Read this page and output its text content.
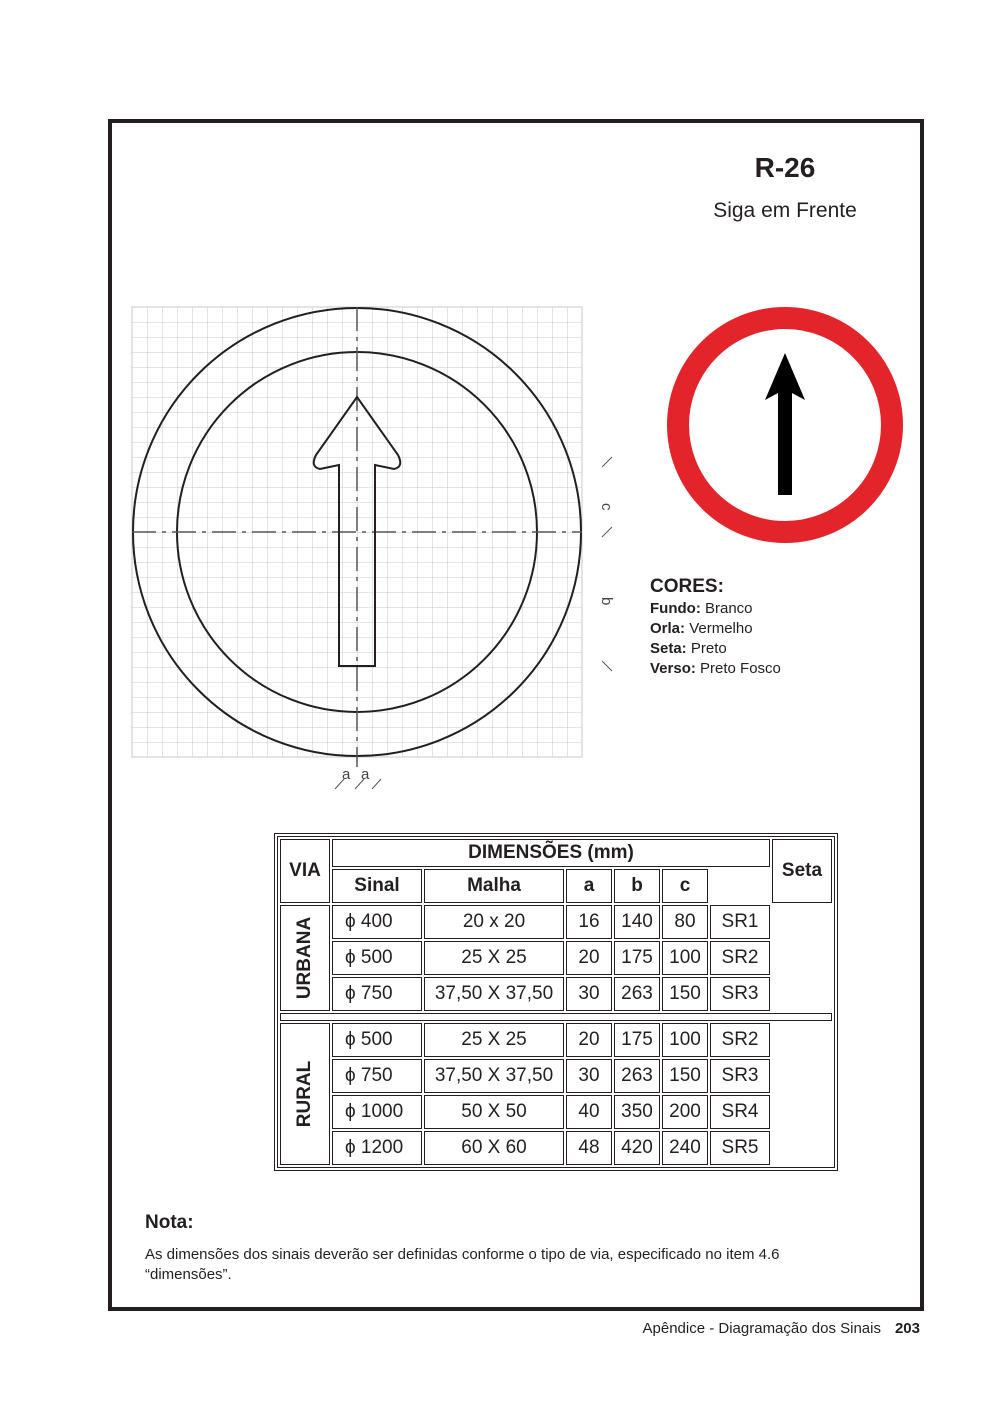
R-26
Siga em Frente
c
b
a a
CORES:
Fundo: Branco
Orla: Vermelho
Seta: Preto
Verso: Preto Fosco
VIA	DIMENSÕES (mm)						Seta
	Sinal	Malha	a	b	c		

URBANA	ϕ 400	20 x 20	16	140	80	SR1	
	ϕ 500	25 X 25	20	175	100	SR2	
	ϕ 750	37,50 X 37,50	30	263	150	SR3	

RURAL	ϕ 500	25 X 25	20	175	100	SR2	
	ϕ 750	37,50 X 37,50	30	263	150	SR3	
	ϕ 1000	50 X 50	40	350	200	SR4	
	ϕ 1200	60 X 60	48	420	240	SR5	
Nota:
As dimensões dos sinais deverão ser definidas conforme o tipo de via, especificado no item 4.6 “dimensões”.
Apêndice - Diagramação dos Sinais 203
